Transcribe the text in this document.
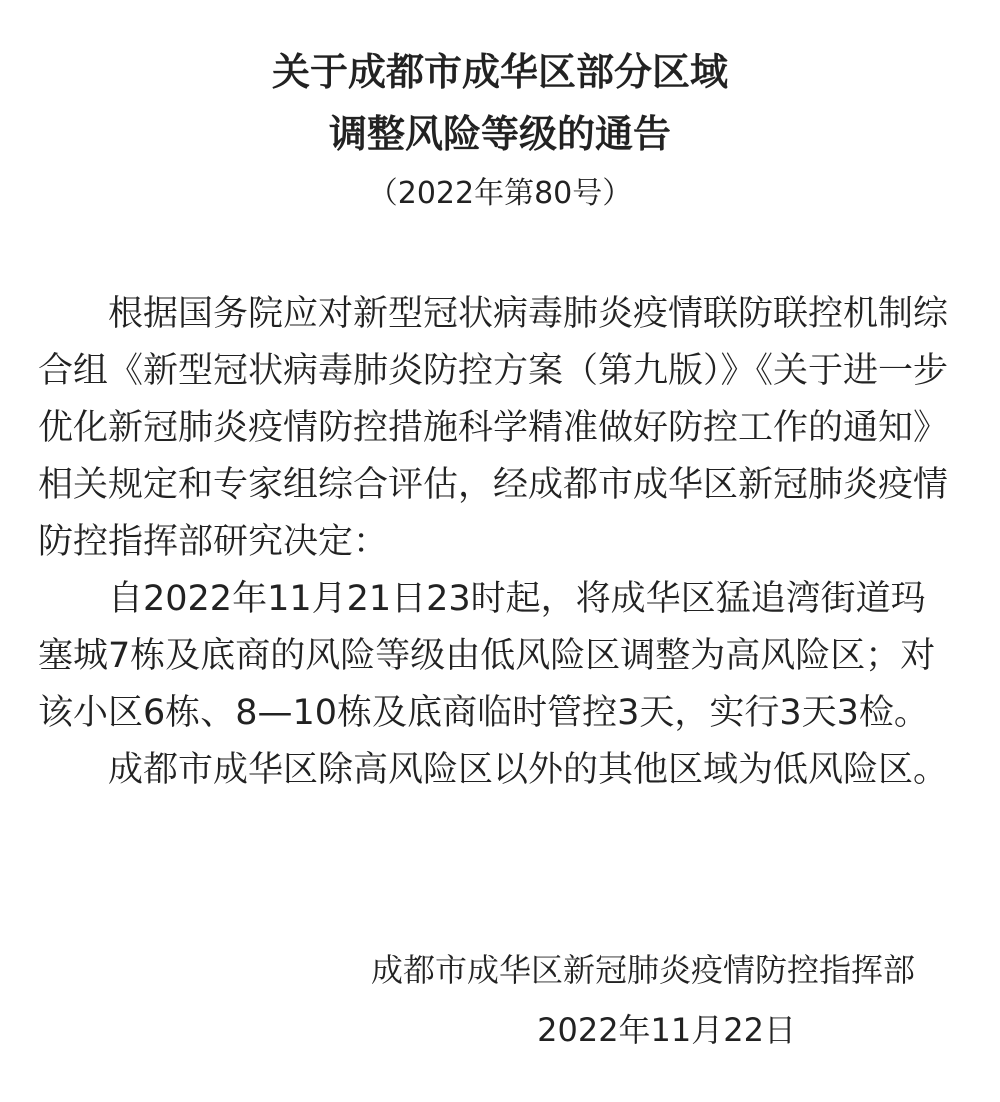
关于成都市成华区部分区域
调整风险等级的通告
（2022年第80号）

根据国务院应对新型冠状病毒肺炎疫情联防联控机制综合组《新型冠状病毒肺炎防控方案（第九版）》《关于进一步优化新冠肺炎疫情防控措施科学精准做好防控工作的通知》相关规定和专家组综合评估，经成都市成华区新冠肺炎疫情防控指挥部研究决定：

自2022年11月21日23时起，将成华区猛追湾街道玛塞城7栋及底商的风险等级由低风险区调整为高风险区；对该小区6栋、8—10栋及底商临时管控3天，实行3天3检。

成都市成华区除高风险区以外的其他区域为低风险区。

成都市成华区新冠肺炎疫情防控指挥部
2022年11月22日
